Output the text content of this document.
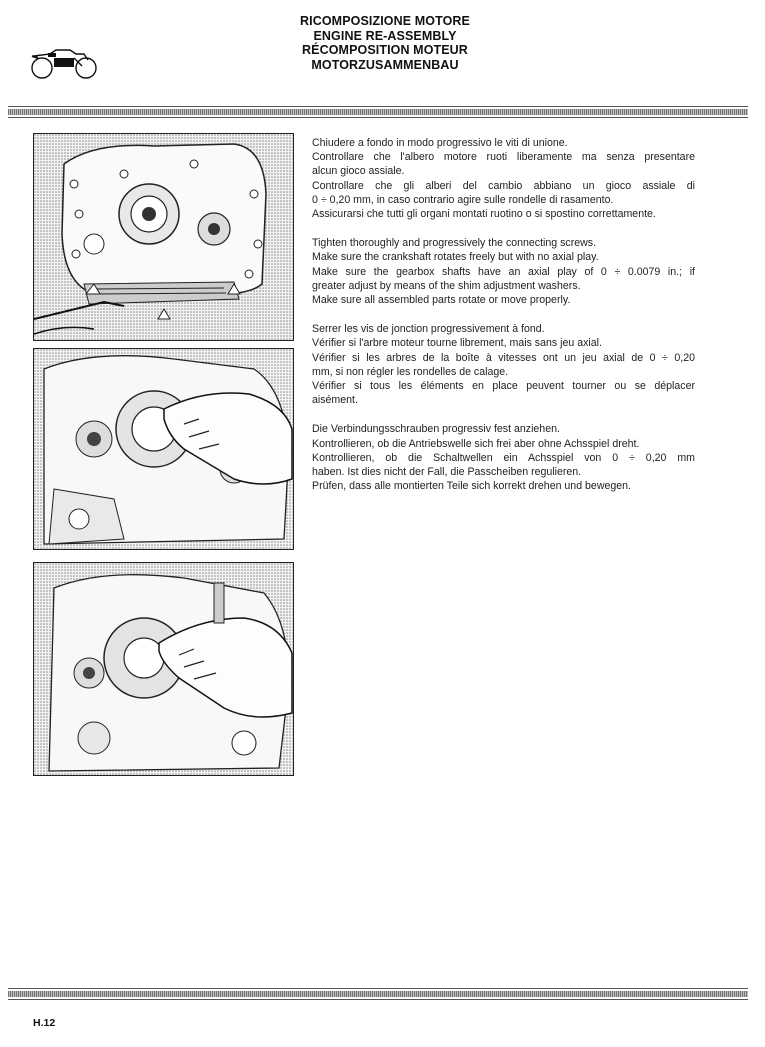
RICOMPOSIZIONE MOTORE
ENGINE RE-ASSEMBLY
RÉCOMPOSITION MOTEUR
MOTORZUSAMMENBAU

Chiudere a fondo in modo progressivo le viti di unione.
Controllare che l'albero motore ruoti liberamente ma senza presentare
alcun gioco assiale.
Controllare che gli alberi del cambio abbiano un gioco assiale di
0 ÷ 0,20 mm, in caso contrario agire sulle rondelle di rasamento.
Assicurarsi che tutti gli organi montati ruotino o si spostino correttamente.

Tighten thoroughly and progressively the connecting screws.
Make sure the crankshaft rotates freely but with no axial play.
Make sure the gearbox shafts have an axial play of 0 ÷ 0.0079 in.; if
greater adjust by means of the shim adjustment washers.
Make sure all assembled parts rotate or move properly.

Serrer les vis de jonction progressivement à fond.
Vérifier si l'arbre moteur tourne librement, mais sans jeu axial.
Vérifier si les arbres de la boîte à vitesses ont un jeu axial de 0 ÷ 0,20
mm, si non régler les rondelles de calage.
Vérifier si tous les éléments en place peuvent tourner ou se déplacer
aisément.

Die Verbindungsschrauben progressiv fest anziehen.
Kontrollieren, ob die Antriebswelle sich frei aber ohne Achsspiel dreht.
Kontrollieren, ob die Schaltwellen ein Achsspiel von 0 ÷ 0,20 mm
haben. Ist dies nicht der Fall, die Passcheiben regulieren.
Prüfen, dass alle montierten Teile sich korrekt drehen und bewegen.

H.12
